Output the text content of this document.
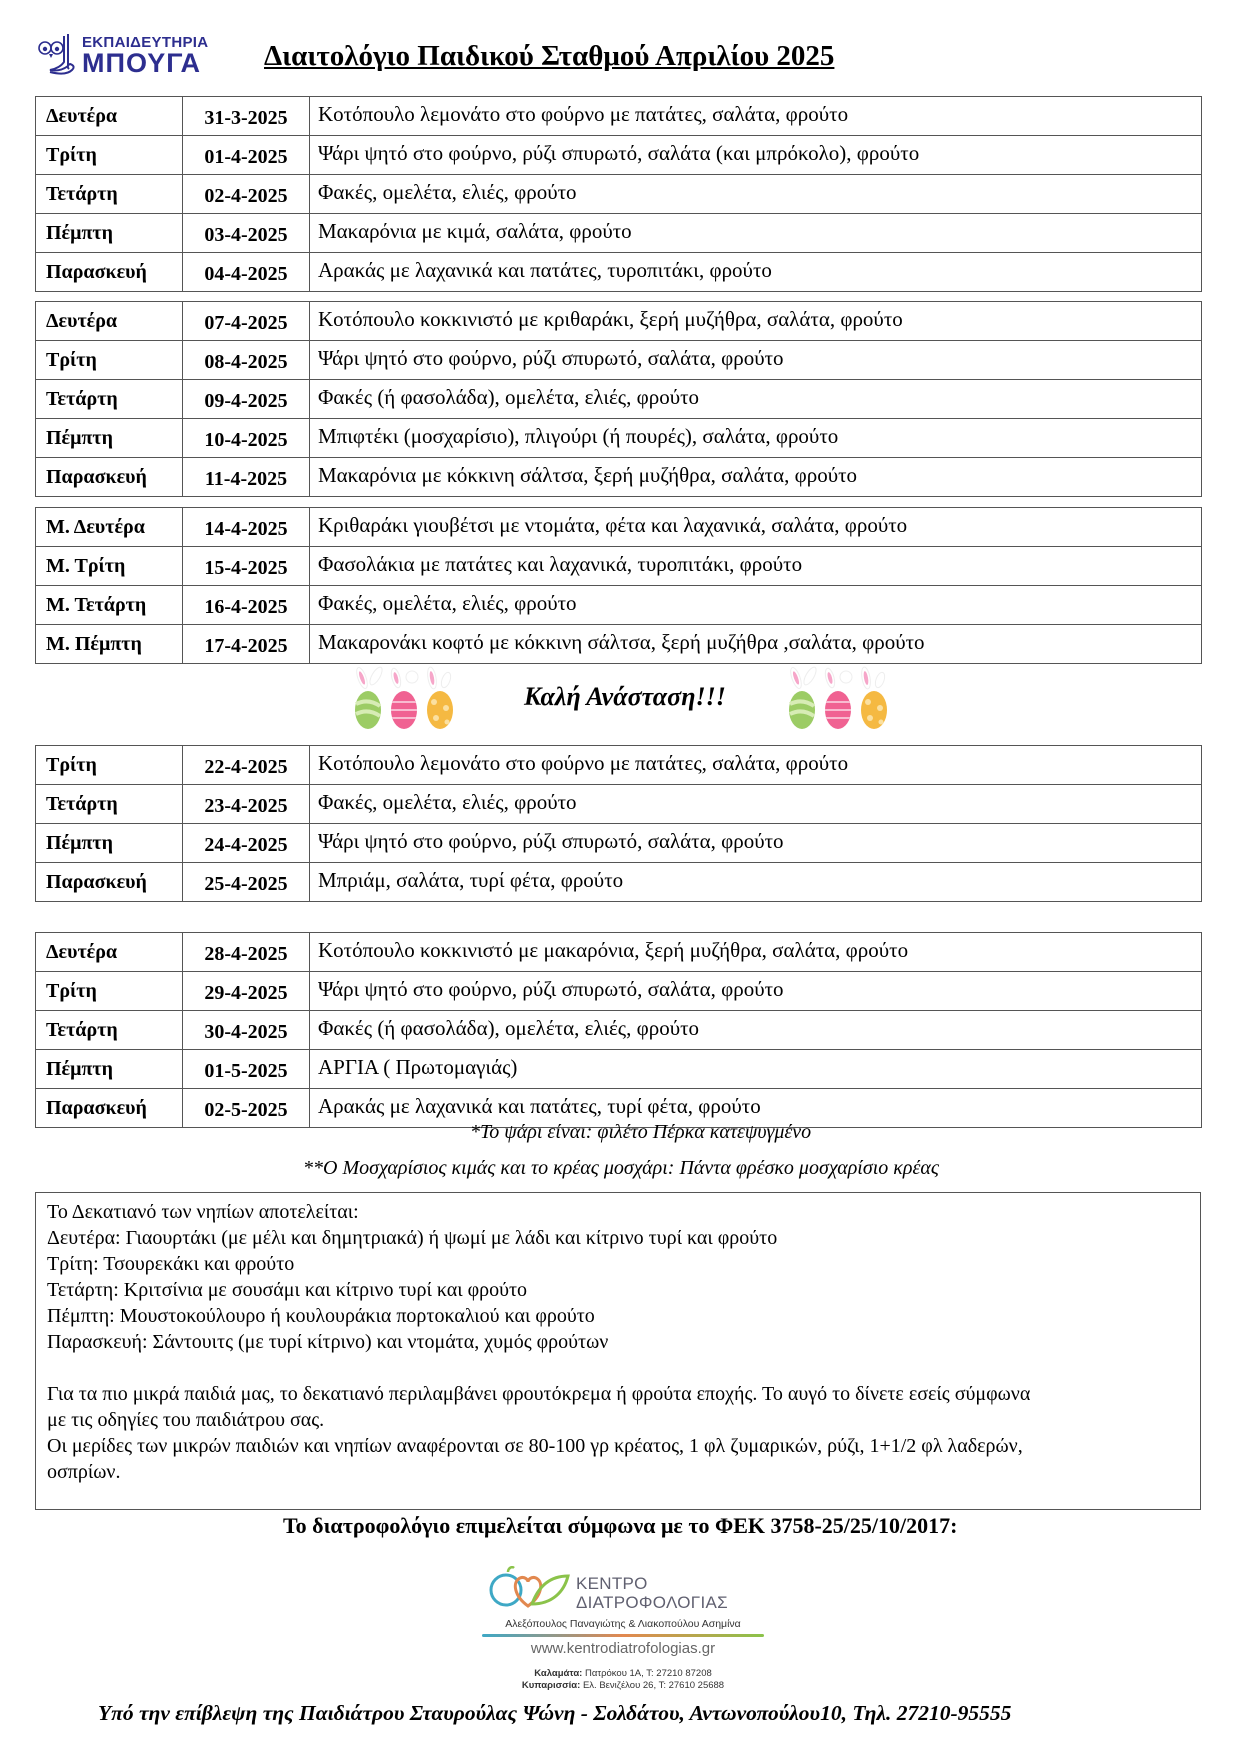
ΕΚΠΑΙΔΕΥΤΗΡΙΑ
ΜΠΟΥΓΑ Διαιτολόγιο Παιδικού Σταθμού Απριλίου 2025
Δευτέρα	31-3-2025	Κοτόπουλο λεμονάτο στο φούρνο με πατάτες, σαλάτα, φρούτο
Τρίτη	01-4-2025	Ψάρι ψητό στο φούρνο, ρύζι σπυρωτό, σαλάτα (και μπρόκολο), φρούτο
Τετάρτη	02-4-2025	Φακές, ομελέτα, ελιές, φρούτο
Πέμπτη	03-4-2025	Μακαρόνια με κιμά, σαλάτα, φρούτο
Παρασκευή	04-4-2025	Αρακάς με λαχανικά και πατάτες, τυροπιτάκι, φρούτο
Δευτέρα	07-4-2025	Κοτόπουλο κοκκινιστό με κριθαράκι, ξερή μυζήθρα, σαλάτα, φρούτο
Τρίτη	08-4-2025	Ψάρι ψητό στο φούρνο, ρύζι σπυρωτό, σαλάτα, φρούτο
Τετάρτη	09-4-2025	Φακές (ή φασολάδα), ομελέτα, ελιές, φρούτο
Πέμπτη	10-4-2025	Μπιφτέκι (μοσχαρίσιο), πλιγούρι (ή πουρές), σαλάτα, φρούτο
Παρασκευή	11-4-2025	Μακαρόνια με κόκκινη σάλτσα, ξερή μυζήθρα, σαλάτα, φρούτο
Μ. Δευτέρα	14-4-2025	Κριθαράκι γιουβέτσι με ντομάτα, φέτα και λαχανικά, σαλάτα, φρούτο
Μ. Τρίτη	15-4-2025	Φασολάκια με πατάτες και λαχανικά, τυροπιτάκι, φρούτο
Μ. Τετάρτη	16-4-2025	Φακές, ομελέτα, ελιές, φρούτο
Μ. Πέμπτη	17-4-2025	Μακαρονάκι κοφτό με κόκκινη σάλτσα, ξερή μυζήθρα ,σαλάτα, φρούτο
Καλή Ανάσταση!!!
Τρίτη	22-4-2025	Κοτόπουλο λεμονάτο στο φούρνο με πατάτες, σαλάτα, φρούτο
Τετάρτη	23-4-2025	Φακές, ομελέτα, ελιές, φρούτο
Πέμπτη	24-4-2025	Ψάρι ψητό στο φούρνο, ρύζι σπυρωτό, σαλάτα, φρούτο
Παρασκευή	25-4-2025	Μπριάμ, σαλάτα, τυρί φέτα, φρούτο
Δευτέρα	28-4-2025	Κοτόπουλο κοκκινιστό με μακαρόνια, ξερή μυζήθρα, σαλάτα, φρούτο
Τρίτη	29-4-2025	Ψάρι ψητό στο φούρνο, ρύζι σπυρωτό, σαλάτα, φρούτο
Τετάρτη	30-4-2025	Φακές (ή φασολάδα), ομελέτα, ελιές, φρούτο
Πέμπτη	01-5-2025	ΑΡΓΙΑ ( Πρωτομαγιάς)
Παρασκευή	02-5-2025	Αρακάς με λαχανικά και πατάτες, τυρί φέτα, φρούτο
*Το ψάρι είναι: φιλέτο Πέρκα κατεψυγμένο
**Ο Μοσχαρίσιος κιμάς και το κρέας μοσχάρι: Πάντα φρέσκο μοσχαρίσιο κρέας

Το Δεκατιανό των νηπίων αποτελείται:

Δευτέρα: Γιαουρτάκι (με μέλι και δημητριακά) ή ψωμί με λάδι και κίτρινο τυρί και φρούτο

Τρίτη: Τσουρεκάκι και φρούτο

Τετάρτη: Κριτσίνια με σουσάμι και κίτρινο τυρί και φρούτο

Πέμπτη: Μουστοκούλουρο ή κουλουράκια πορτοκαλιού και φρούτο

Παρασκευή: Σάντουιτς (με τυρί κίτρινο) και ντομάτα, χυμός φρούτων

Για τα πιο μικρά παιδιά μας, το δεκατιανό περιλαμβάνει φρουτόκρεμα ή φρούτα εποχής. Το αυγό το δίνετε εσείς σύμφωνα

με τις οδηγίες του παιδιάτρου σας.

Οι μερίδες των μικρών παιδιών και νηπίων αναφέρονται σε 80-100 γρ κρέατος, 1 φλ ζυμαρικών, ρύζι, 1+1/2 φλ λαδερών,

οσπρίων.

Το διατροφολόγιο επιμελείται σύμφωνα με το ΦΕΚ 3758-25/25/10/2017:
ΚΕΝΤΡΟ
ΔΙΑΤΡΟΦΟΛΟΓΙΑΣ
Αλεξόπουλος Παναγιώτης & Λιακοπούλου Ασημίνα
www.kentrodiatrofologias.gr
Καλαμάτα: Πατρόκου 1Α, Τ: 27210 87208
Κυπαρισσία: Ελ. Βενιζέλου 26, Τ: 27610 25688
Υπό την επίβλεψη της Παιδιάτρου Σταυρούλας Ψώνη - Σολδάτου, Αντωνοπούλου10, Τηλ. 27210-95555
